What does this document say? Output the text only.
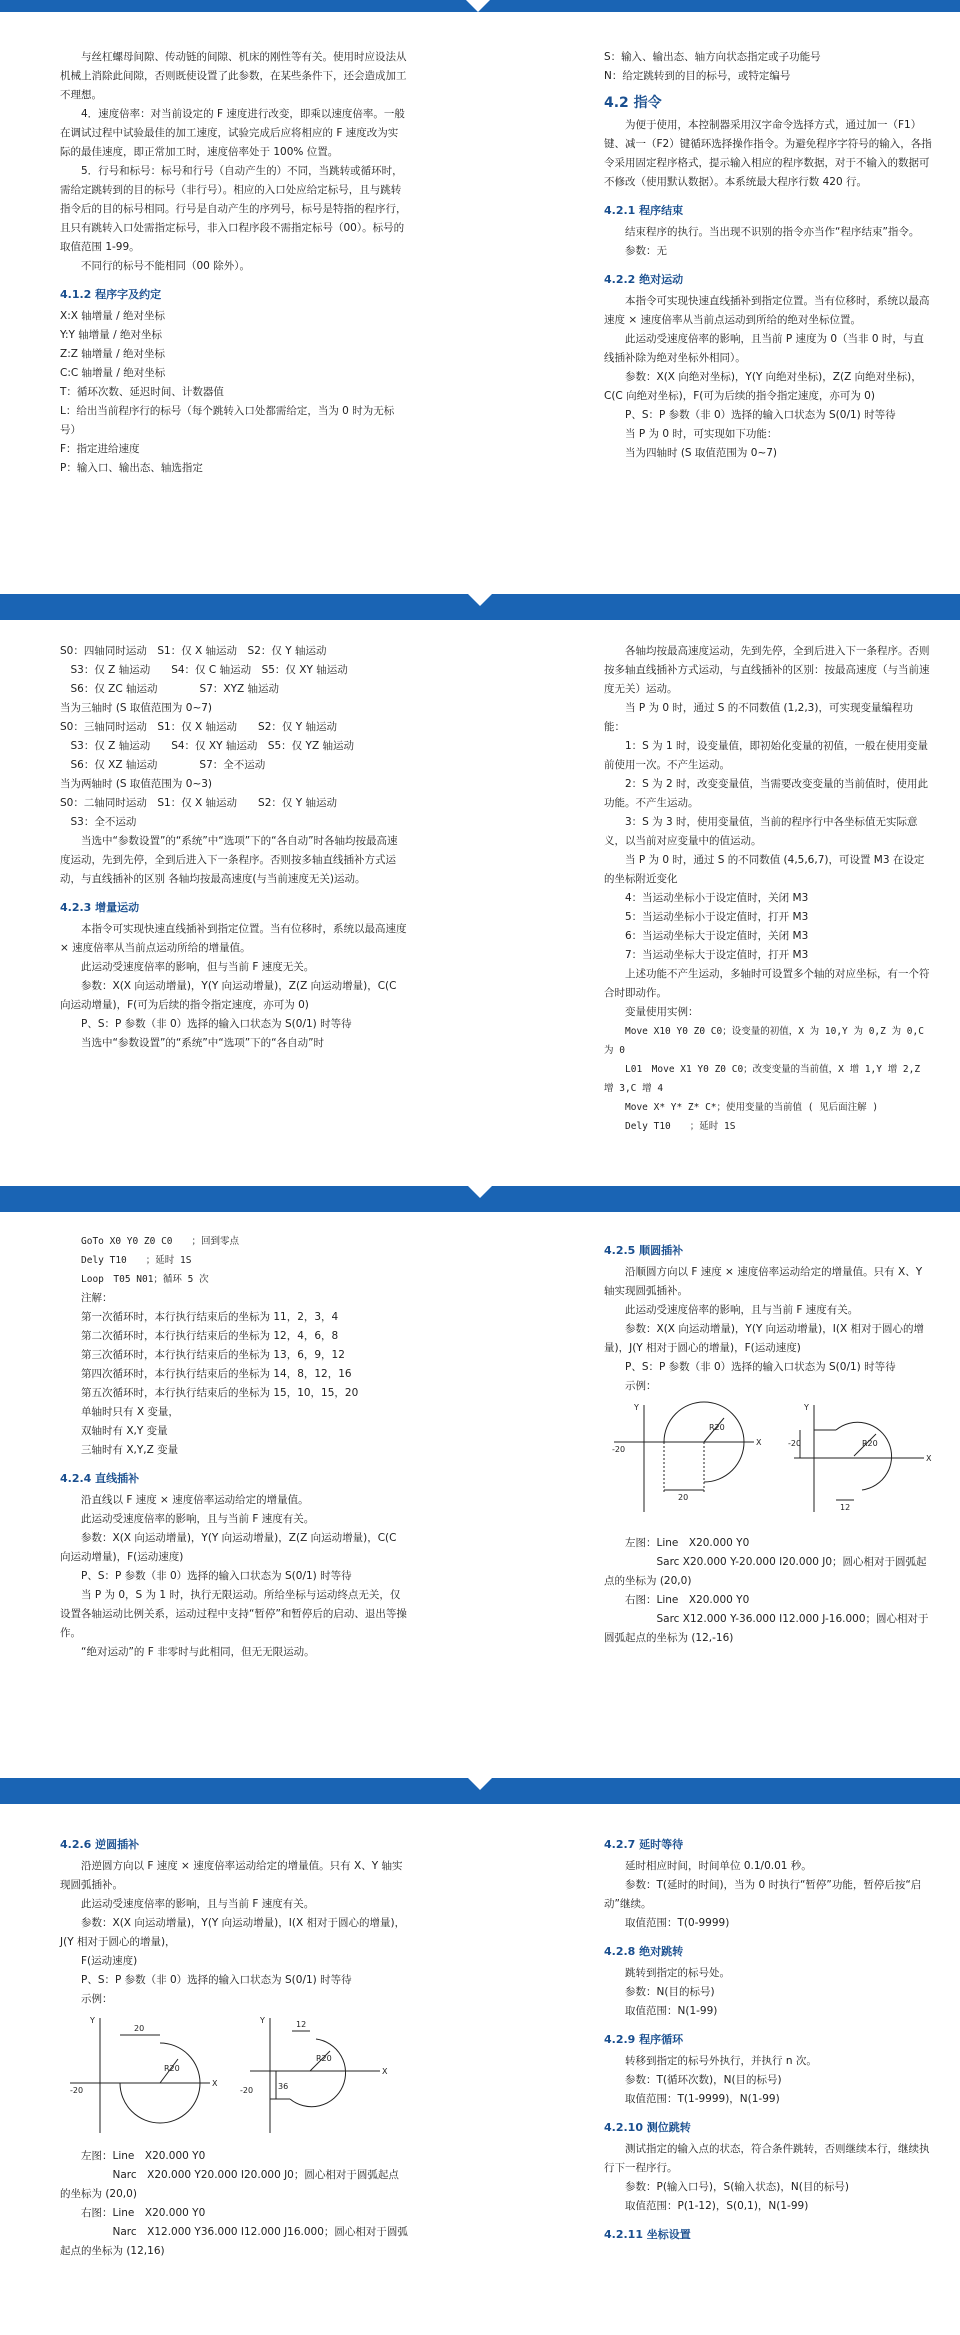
与丝杠螺母间隙、传动链的间隙、机床的刚性等有关。使用时应设法从机械上消除此间隙，否则既使设置了此参数，在某些条件下，还会造成加工不理想。

4．速度倍率：对当前设定的 F 速度进行改变，即乘以速度倍率。一般在调试过程中试验最佳的加工速度，试验完成后应将相应的 F 速度改为实际的最佳速度，即正常加工时，速度倍率处于 100% 位置。

5．行号和标号：标号和行号（自动产生的）不同，当跳转或循环时，需给定跳转到的目的标号（非行号）。相应的入口处应给定标号，且与跳转指令后的目的标号相同。行号是自动产生的序列号，标号是特指的程序行，且只有跳转入口处需指定标号，非入口程序段不需指定标号（00）。标号的取值范围 1-99。

不同行的标号不能相同（00 除外）。

4.1.2 程序字及约定

X:X 轴增量 / 绝对坐标

Y:Y 轴增量 / 绝对坐标

Z:Z 轴增量 / 绝对坐标

C:C 轴增量 / 绝对坐标

T：循环次数、延迟时间、计数器值

L：给出当前程序行的标号（每个跳转入口处都需给定，当为 0 时为无标号）

F：指定进给速度

P：输入口、输出态、轴选指定

S：输入、输出态、轴方向状态指定或子功能号

N：给定跳转到的目的标号，或特定编号

4.2 指令

为便于使用，本控制器采用汉字命令选择方式，通过加一（F1）键、减一（F2）键循环选择操作指令。为避免程序字符号的输入，各指令采用固定程序格式，提示输入相应的程序数据，对于不输入的数据可不修改（使用默认数据）。本系统最大程序行数 420 行。

4.2.1 程序结束

结束程序的执行。当出现不识别的指令亦当作“程序结束”指令。

参数：无

4.2.2 绝对运动

本指令可实现快速直线插补到指定位置。当有位移时，系统以最高速度 × 速度倍率从当前点运动到所给的绝对坐标位置。

此运动受速度倍率的影响，且当前 P 速度为 0（当非 0 时，与直线插补除为绝对坐标外相同）。

参数：X(X 向绝对坐标)，Y(Y 向绝对坐标)，Z(Z 向绝对坐标)，C(C 向绝对坐标)，F(可为后续的指令指定速度，亦可为 0)

P、S：P 参数（非 0）选择的输入口状态为 S(0/1) 时等待

当 P 为 0 时，可实现如下功能：

当为四轴时 (S 取值范围为 0~7)

S0：四轴同时运动　S1：仅 X 轴运动　S2：仅 Y 轴运动

　S3：仅 Z 轴运动　　S4：仅 C 轴运动　S5：仅 XY 轴运动

　S6：仅 ZC 轴运动　　　　S7：XYZ 轴运动

当为三轴时 (S 取值范围为 0~7)

S0：三轴同时运动　S1：仅 X 轴运动　　S2：仅 Y 轴运动

　S3：仅 Z 轴运动　　S4：仅 XY 轴运动　S5：仅 YZ 轴运动

　S6：仅 XZ 轴运动　　　　S7：全不运动

当为两轴时 (S 取值范围为 0~3)

S0：二轴同时运动　S1：仅 X 轴运动　　S2：仅 Y 轴运动

　S3：全不运动

当选中“参数设置”的“系统”中“选项”下的“各自动”时各轴均按最高速度运动，先到先停，全到后进入下一条程序。否则按多轴直线插补方式运动，与直线插补的区别 各轴均按最高速度(与当前速度无关)运动。

4.2.3 增量运动

本指令可实现快速直线插补到指定位置。当有位移时，系统以最高速度 × 速度倍率从当前点运动所给的增量值。

此运动受速度倍率的影响，但与当前 F 速度无关。

参数：X(X 向运动增量)，Y(Y 向运动增量)，Z(Z 向运动增量)，C(C 向运动增量)，F(可为后续的指令指定速度，亦可为 0)

P、S：P 参数（非 0）选择的输入口状态为 S(0/1) 时等待

当选中“参数设置”的“系统”中“选项”下的“各自动”时

各轴均按最高速度运动，先到先停，全到后进入下一条程序。否则按多轴直线插补方式运动，与直线插补的区别：按最高速度（与当前速度无关）运动。

当 P 为 0 时，通过 S 的不同数值 (1,2,3)，可实现变量编程功能：

1：S 为 1 时，设变量值，即初始化变量的初值，一般在使用变量前使用一次。不产生运动。

2：S 为 2 时，改变变量值，当需要改变变量的当前值时，使用此功能。不产生运动。

3：S 为 3 时，使用变量值，当前的程序行中各坐标值无实际意义，以当前对应变量中的值运动。

当 P 为 0 时，通过 S 的不同数值 (4,5,6,7)，可设置 M3 在设定的坐标附近变化

4：当运动坐标小于设定值时，关闭 M3

5：当运动坐标小于设定值时，打开 M3

6：当运动坐标大于设定值时，关闭 M3

7：当运动坐标大于设定值时，打开 M3

上述功能不产生运动，多轴时可设置多个轴的对应坐标，有一个符合时即动作。

变量使用实例：

Move X10 Y0 Z0 C0；设变量的初值，X 为 10,Y 为 0,Z 为 0,C 为 0

L01　Move X1 Y0 Z0 C0；改变变量的当前值，X 增 1,Y 增 2,Z 增 3,C 增 4

Move X* Y* Z* C*；使用变量的当前值 ( 见后面注解 )

Dely T10　　；延时 1S

GoTo X0 Y0 Z0 C0　　；回到零点

Dely T10　　；延时 1S

Loop　T05 N01；循环 5 次

注解：

第一次循环时，本行执行结束后的坐标为 11，2，3，4

第二次循环时，本行执行结束后的坐标为 12，4，6，8

第三次循环时，本行执行结束后的坐标为 13，6，9，12

第四次循环时，本行执行结束后的坐标为 14，8，12，16

第五次循环时，本行执行结束后的坐标为 15，10，15，20

单轴时只有 X 变量，

双轴时有 X,Y 变量

三轴时有 X,Y,Z 变量

4.2.4 直线插补

沿直线以 F 速度 × 速度倍率运动给定的增量值。

此运动受速度倍率的影响，且与当前 F 速度有关。

参数：X(X 向运动增量)，Y(Y 向运动增量)，Z(Z 向运动增量)，C(C 向运动增量)，F(运动速度)

P、S：P 参数（非 0）选择的输入口状态为 S(0/1) 时等待

当 P 为 0，S 为 1 时，执行无限运动。所给坐标与运动终点无关，仅设置各轴运动比例关系，运动过程中支持“暂停”和暂停后的启动、退出等操作。

“绝对运动”的 F 非零时与此相同，但无无限运动。

4.2.5 顺圆插补

沿顺圆方向以 F 速度 × 速度倍率运动给定的增量值。只有 X、Y 轴实现圆弧插补。

此运动受速度倍率的影响，且与当前 F 速度有关。

参数：X(X 向运动增量)，Y(Y 向运动增量)，I(X 相对于圆心的增量)，J(Y 相对于圆心的增量)，F(运动速度)

P、S：P 参数（非 0）选择的输入口状态为 S(0/1) 时等待

示例：

Y
X
-20
R20
20
Y
X
-20	R20
12

左图：Line　X20.000 Y0

　　　Sarc X20.000 Y-20.000 I20.000 J0；圆心相对于圆弧起点的坐标为 (20,0)

右图：Line　X20.000 Y0

　　　Sarc X12.000 Y-36.000 I12.000 J-16.000；圆心相对于圆弧起点的坐标为 (12,-16)

4.2.6 逆圆插补

沿逆圆方向以 F 速度 × 速度倍率运动给定的增量值。只有 X、Y 轴实现圆弧插补。

此运动受速度倍率的影响，且与当前 F 速度有关。

参数：X(X 向运动增量)，Y(Y 向运动增量)，I(X 相对于圆心的增量)，J(Y 相对于圆心的增量)，

F(运动速度)

P、S：P 参数（非 0）选择的输入口状态为 S(0/1) 时等待

示例：

Y
X
-20
R20
20
Y
X
-20
R20
12
36

左图：Line　X20.000 Y0

　　　Narc　X20.000 Y20.000 I20.000 J0；圆心相对于圆弧起点的坐标为 (20,0)

右图：Line　X20.000 Y0

　　　Narc　X12.000 Y36.000 I12.000 J16.000；圆心相对于圆弧起点的坐标为 (12,16)

4.2.7 延时等待

延时相应时间，时间单位 0.1/0.01 秒。

参数：T(延时的时间)，当为 0 时执行“暂停”功能，暂停后按“启动”继续。

取值范围：T(0-9999)

4.2.8 绝对跳转

跳转到指定的标号处。

参数：N(目的标号)

取值范围：N(1-99)

4.2.9 程序循环

转移到指定的标号外执行，并执行 n 次。

参数：T(循环次数)，N(目的标号)

取值范围：T(1-9999)，N(1-99)

4.2.10 测位跳转

测试指定的输入点的状态，符合条件跳转，否则继续本行，继续执行下一程序行。

参数：P(输入口号)，S(输入状态)，N(目的标号)

取值范围：P(1-12)，S(0,1)，N(1-99)

4.2.11 坐标设置
